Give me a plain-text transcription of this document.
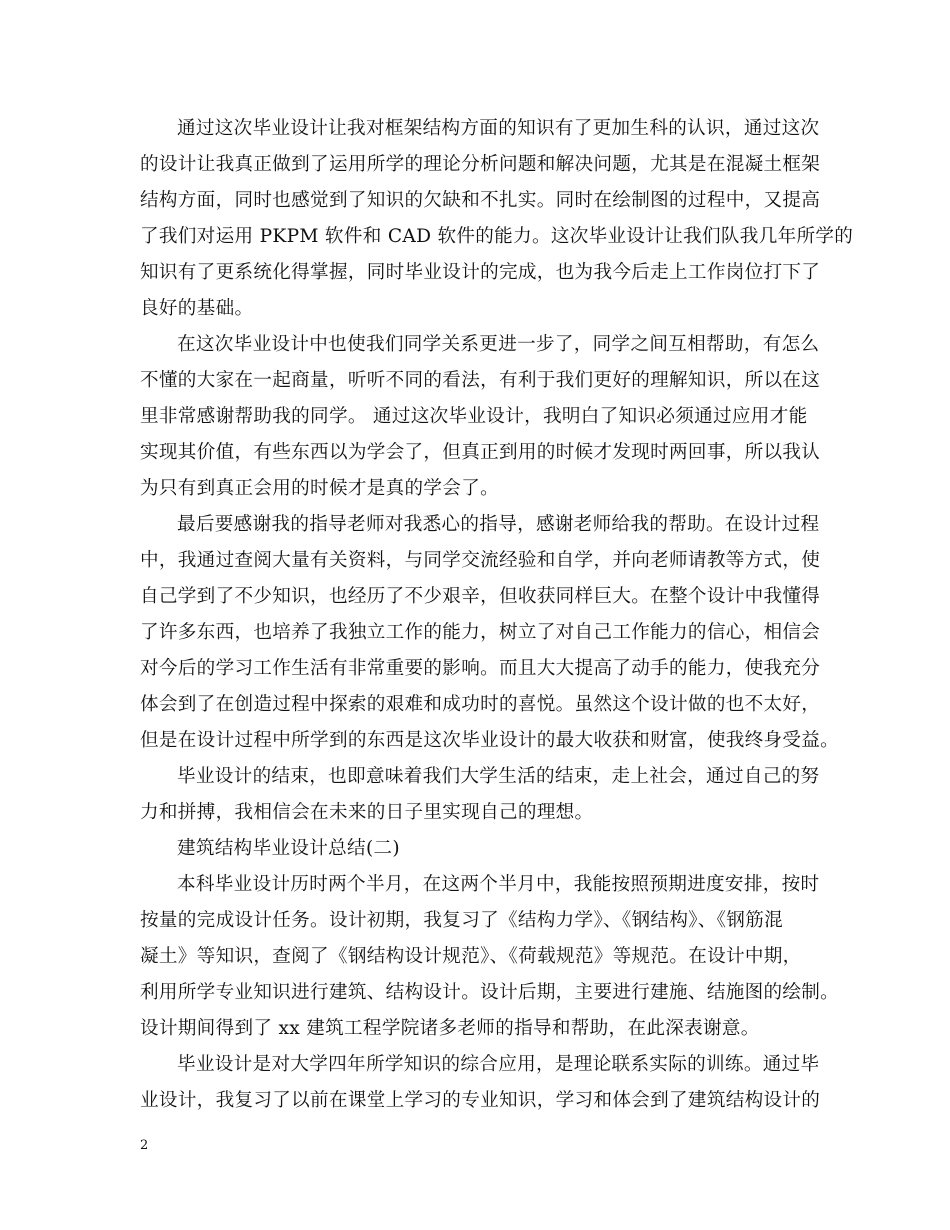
通过这次毕业设计让我对框架结构方面的知识有了更加生科的认识，通过这次
的设计让我真正做到了运用所学的理论分析问题和解决问题，尤其是在混凝土框架
结构方面，同时也感觉到了知识的欠缺和不扎实。同时在绘制图的过程中，又提高
了我们对运用 PKPM 软件和 CAD 软件的能力。这次毕业设计让我们队我几年所学的
知识有了更系统化得掌握，同时毕业设计的完成，也为我今后走上工作岗位打下了
良好的基础。
在这次毕业设计中也使我们同学关系更进一步了，同学之间互相帮助，有怎么
不懂的大家在一起商量，听听不同的看法，有利于我们更好的理解知识，所以在这
里非常感谢帮助我的同学。 通过这次毕业设计，我明白了知识必须通过应用才能
实现其价值，有些东西以为学会了，但真正到用的时候才发现时两回事，所以我认
为只有到真正会用的时候才是真的学会了。
最后要感谢我的指导老师对我悉心的指导，感谢老师给我的帮助。在设计过程
中，我通过查阅大量有关资料，与同学交流经验和自学，并向老师请教等方式，使
自己学到了不少知识，也经历了不少艰辛，但收获同样巨大。在整个设计中我懂得
了许多东西，也培养了我独立工作的能力，树立了对自己工作能力的信心，相信会
对今后的学习工作生活有非常重要的影响。而且大大提高了动手的能力，使我充分
体会到了在创造过程中探索的艰难和成功时的喜悦。虽然这个设计做的也不太好，
但是在设计过程中所学到的东西是这次毕业设计的最大收获和财富，使我终身受益。
毕业设计的结束，也即意味着我们大学生活的结束，走上社会，通过自己的努
力和拼搏，我相信会在未来的日子里实现自己的理想。
建筑结构毕业设计总结(二)
本科毕业设计历时两个半月，在这两个半月中，我能按照预期进度安排，按时
按量的完成设计任务。设计初期，我复习了《结构力学》、《钢结构》、《钢筋混
凝土》等知识，查阅了《钢结构设计规范》、《荷载规范》等规范。在设计中期，
利用所学专业知识进行建筑、结构设计。设计后期，主要进行建施、结施图的绘制。
设计期间得到了 xx 建筑工程学院诸多老师的指导和帮助，在此深表谢意。
毕业设计是对大学四年所学知识的综合应用，是理论联系实际的训练。通过毕
业设计，我复习了以前在课堂上学习的专业知识，学习和体会到了建筑结构设计的
2
